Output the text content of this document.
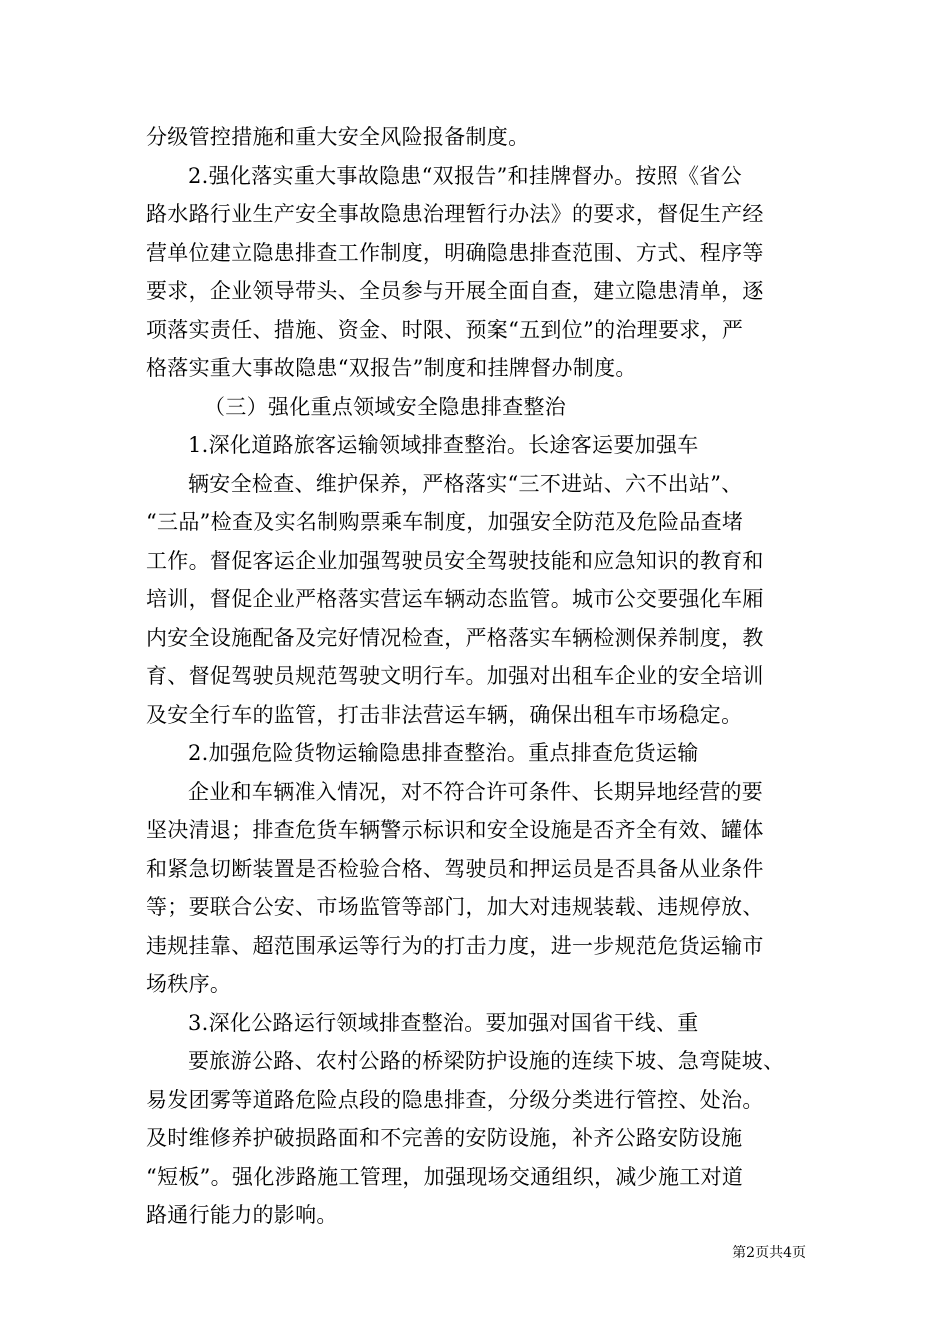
分级管控措施和重大安全风险报备制度。
2.强化落实重大事故隐患“双报告”和挂牌督办。按照《省公
路水路行业生产安全事故隐患治理暂行办法》的要求，督促生产经
营单位建立隐患排查工作制度，明确隐患排查范围、方式、程序等
要求，企业领导带头、全员参与开展全面自查，建立隐患清单，逐
项落实责任、措施、资金、时限、预案“五到位”的治理要求，严
格落实重大事故隐患“双报告”制度和挂牌督办制度。
（三）强化重点领域安全隐患排查整治
1.深化道路旅客运输领域排查整治。长途客运要加强车
辆安全检查、维护保养，严格落实“三不进站、六不出站”、
“三品”检查及实名制购票乘车制度，加强安全防范及危险品查堵
工作。督促客运企业加强驾驶员安全驾驶技能和应急知识的教育和
培训，督促企业严格落实营运车辆动态监管。城市公交要强化车厢
内安全设施配备及完好情况检查，严格落实车辆检测保养制度，教
育、督促驾驶员规范驾驶文明行车。加强对出租车企业的安全培训
及安全行车的监管，打击非法营运车辆，确保出租车市场稳定。
2.加强危险货物运输隐患排查整治。重点排查危货运输
企业和车辆准入情况，对不符合许可条件、长期异地经营的要
坚决清退；排查危货车辆警示标识和安全设施是否齐全有效、罐体
和紧急切断装置是否检验合格、驾驶员和押运员是否具备从业条件
等；要联合公安、市场监管等部门，加大对违规装载、违规停放、
违规挂靠、超范围承运等行为的打击力度，进一步规范危货运输市
场秩序。
3.深化公路运行领域排查整治。要加强对国省干线、重
要旅游公路、农村公路的桥梁防护设施的连续下坡、急弯陡坡、
易发团雾等道路危险点段的隐患排查，分级分类进行管控、处治。
及时维修养护破损路面和不完善的安防设施，补齐公路安防设施
“短板”。强化涉路施工管理，加强现场交通组织，减少施工对道
路通行能力的影响。
第2页共4页
